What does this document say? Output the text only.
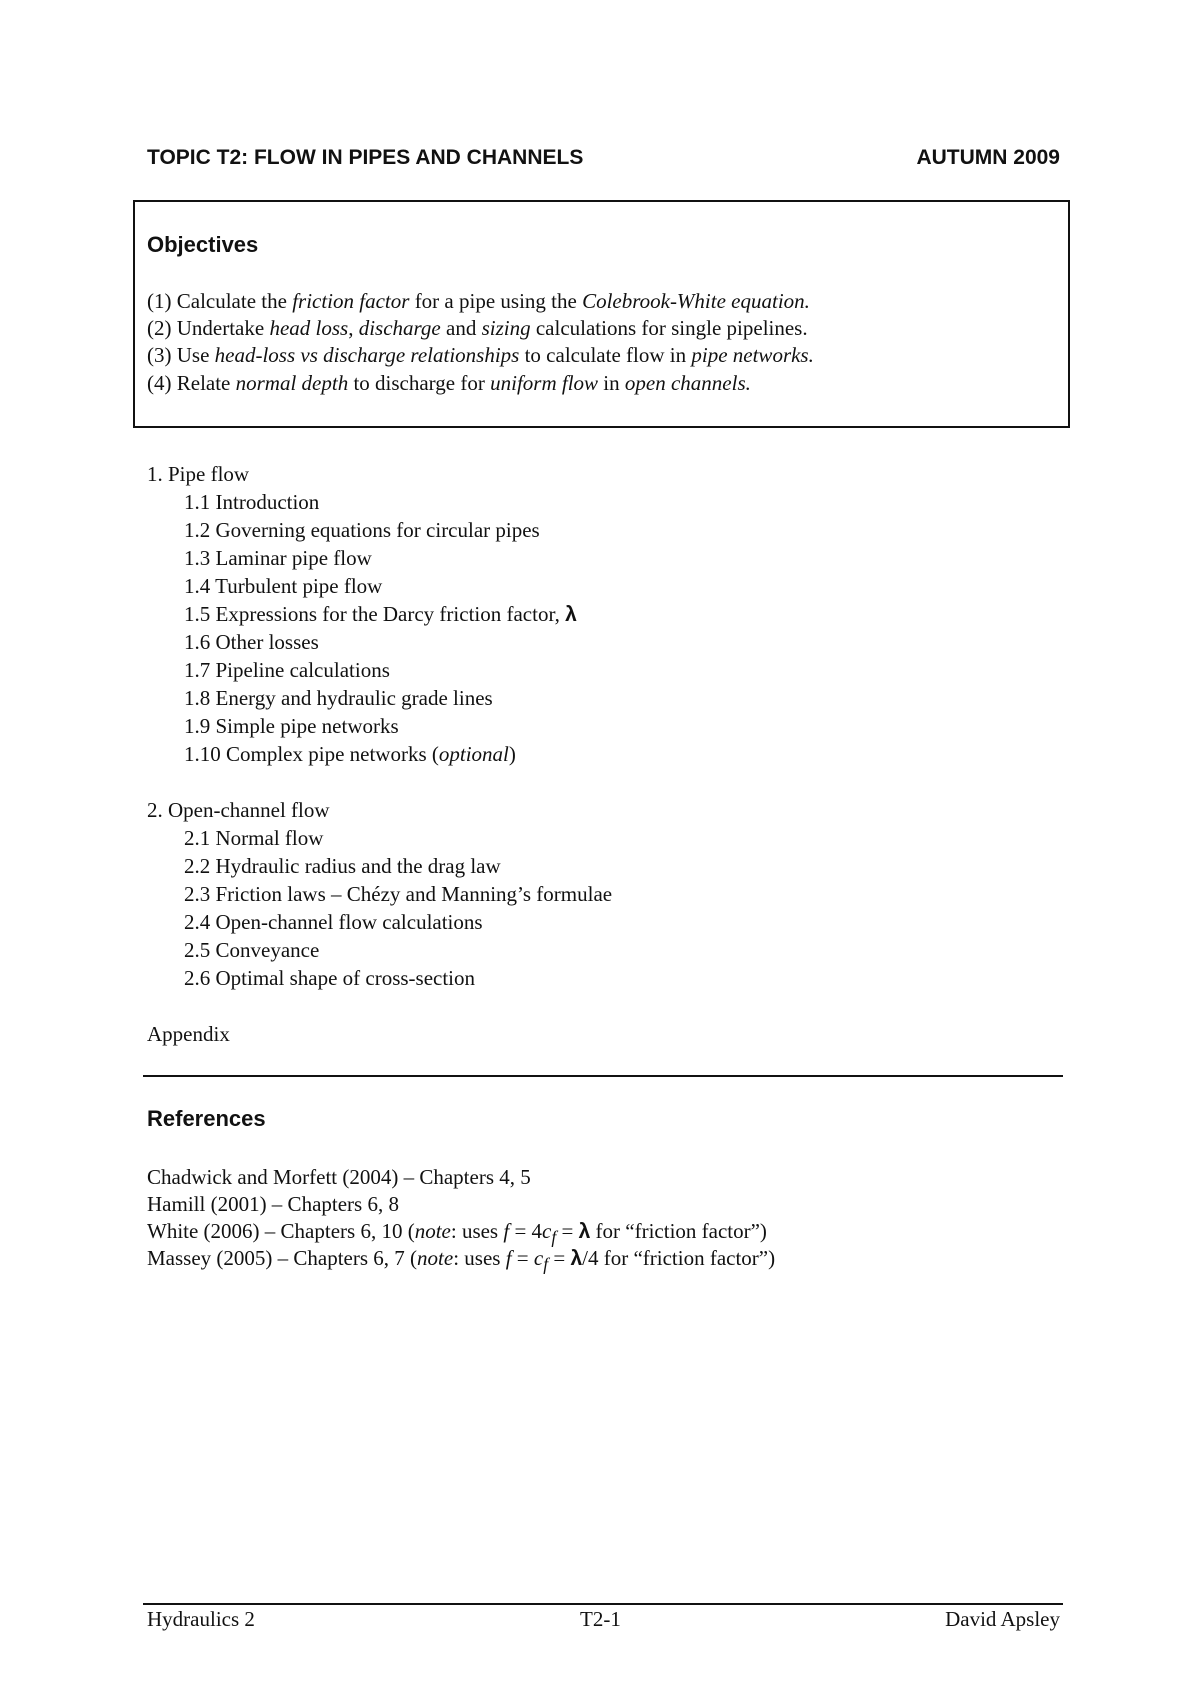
TOPIC T2: FLOW IN PIPES AND CHANNELS	AUTUMN 2009
Objectives
(1) Calculate the friction factor for a pipe using the Colebrook-White equation.
(2) Undertake head loss, discharge and sizing calculations for single pipelines.
(3) Use head-loss vs discharge relationships to calculate flow in pipe networks.
(4) Relate normal depth to discharge for uniform flow in open channels.
1. Pipe flow
1.1 Introduction
1.2 Governing equations for circular pipes
1.3 Laminar pipe flow
1.4 Turbulent pipe flow
1.5 Expressions for the Darcy friction factor, λ
1.6 Other losses
1.7 Pipeline calculations
1.8 Energy and hydraulic grade lines
1.9 Simple pipe networks
1.10 Complex pipe networks (optional)
2. Open-channel flow
2.1 Normal flow
2.2 Hydraulic radius and the drag law
2.3 Friction laws – Chézy and Manning’s formulae
2.4 Open-channel flow calculations
2.5 Conveyance
2.6 Optimal shape of cross-section
Appendix
References
Chadwick and Morfett (2004) – Chapters 4, 5
Hamill (2001) – Chapters 6, 8
White (2006) – Chapters 6, 10 (note: uses $f = 4c_f = \lambda$ for “friction factor”)
Massey (2005) – Chapters 6, 7 (note: uses $f = c_f = \lambda/4$ for “friction factor”)
Hydraulics 2	T2-1	David Apsley
